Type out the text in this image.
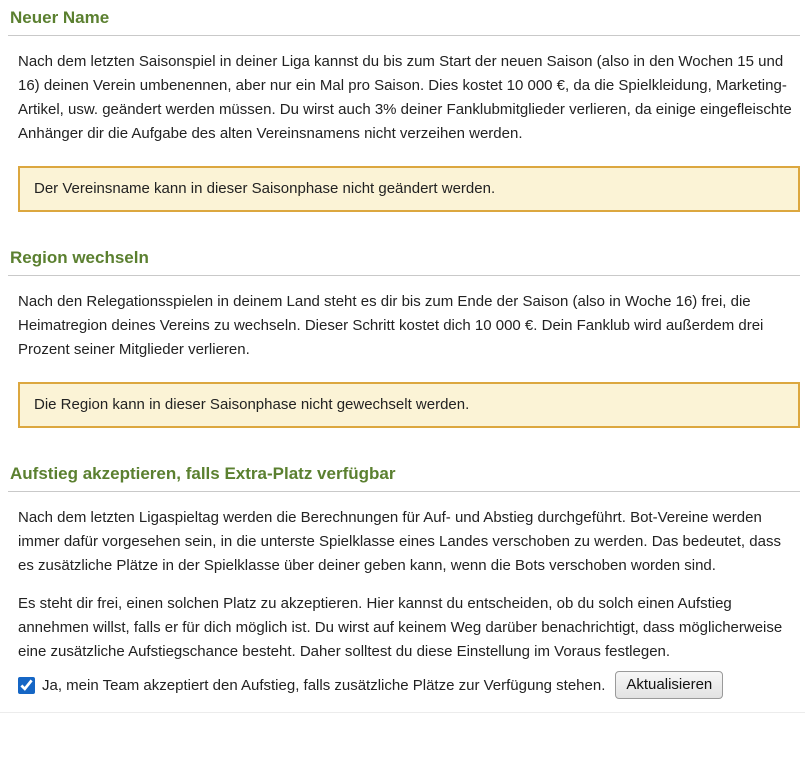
Neuer Name

Nach dem letzten Saisonspiel in deiner Liga kannst du bis zum Start der neuen Saison (also in den Wochen 15 und 16) deinen Verein umbenennen, aber nur ein Mal pro Saison. Dies kostet 10 000 €, da die Spielkleidung, Marketing-Artikel, usw. geändert werden müssen. Du wirst auch 3% deiner Fanklubmitglieder verlieren, da einige eingefleischte Anhänger dir die Aufgabe des alten Vereinsnamens nicht verzeihen werden.

Der Vereinsname kann in dieser Saisonphase nicht geändert werden.
Region wechseln

Nach den Relegationsspielen in deinem Land steht es dir bis zum Ende der Saison (also in Woche 16) frei, die Heimatregion deines Vereins zu wechseln. Dieser Schritt kostet dich 10 000 €. Dein Fanklub wird außerdem drei Prozent seiner Mitglieder verlieren.

Die Region kann in dieser Saisonphase nicht gewechselt werden.
Aufstieg akzeptieren, falls Extra-Platz verfügbar

Nach dem letzten Ligaspieltag werden die Berechnungen für Auf- und Abstieg durchgeführt. Bot-Vereine werden immer dafür vorgesehen sein, in die unterste Spielklasse eines Landes verschoben zu werden. Das bedeutet, dass es zusätzliche Plätze in der Spielklasse über deiner geben kann, wenn die Bots verschoben worden sind.

Es steht dir frei, einen solchen Platz zu akzeptieren. Hier kannst du entscheiden, ob du solch einen Aufstieg annehmen willst, falls er für dich möglich ist. Du wirst auf keinem Weg darüber benachrichtigt, dass möglicherweise eine zusätzliche Aufstiegschance besteht. Daher solltest du diese Einstellung im Voraus festlegen.

Ja, mein Team akzeptiert den Aufstieg, falls zusätzliche Plätze zur Verfügung stehen.	Aktualisieren
